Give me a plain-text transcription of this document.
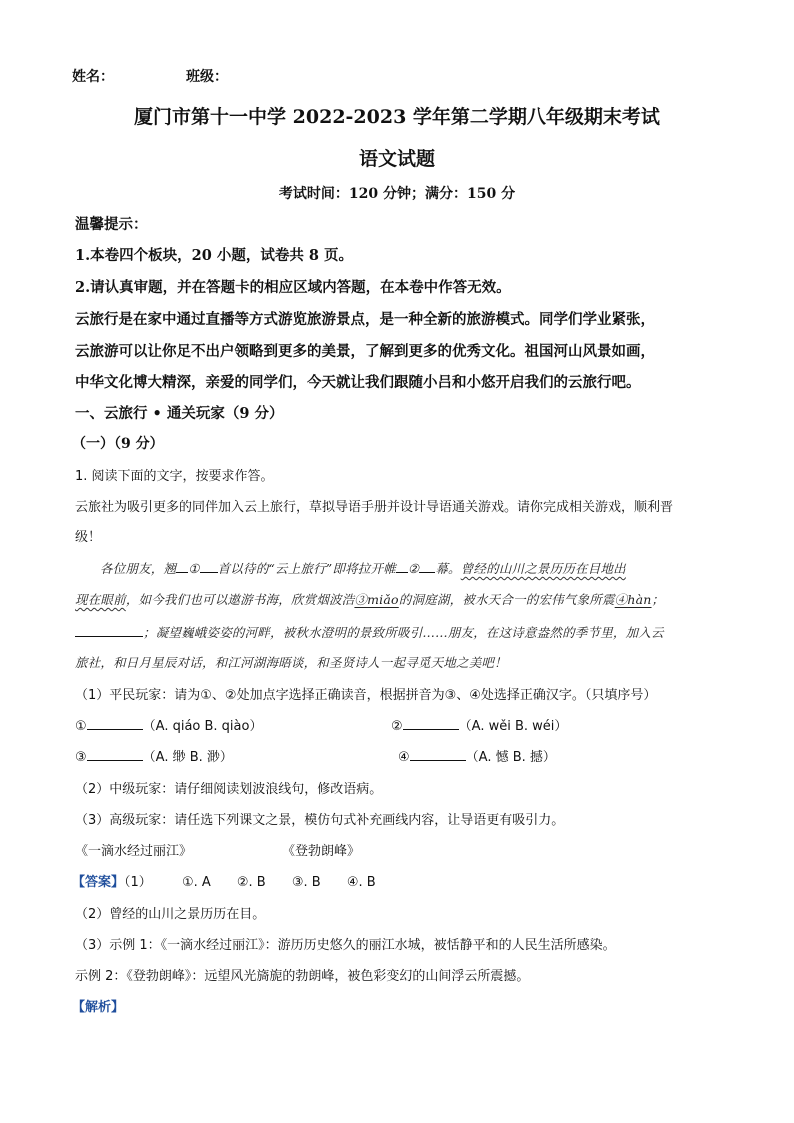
姓名：	班级：
厦门市第十一中学 2022-2023 学年第二学期八年级期末考试
语文试题
考试时间：120 分钟；满分：150 分
温馨提示：
1.本卷四个板块，20 小题，试卷共 8 页。
2.请认真审题，并在答题卡的相应区域内答题，在本卷中作答无效。
云旅行是在家中通过直播等方式游览旅游景点，是一种全新的旅游模式。同学们学业紧张，
云旅游可以让你足不出户领略到更多的美景，了解到更多的优秀文化。祖国河山风景如画，
中华文化博大精深，亲爱的同学们，今天就让我们跟随小吕和小悠开启我们的云旅行吧。
一、云旅行 • 通关玩家（9 分）
（一）（9 分）
1. 阅读下面的文字，按要求作答。
云旅社为吸引更多的同伴加入云上旅行，草拟导语手册并设计导语通关游戏。请你完成相关游戏，顺利晋
级！
各位朋友，翘 ① 首以待的“云上旅行”即将拉开帷 ② 幕。曾经的山川之景历历在目地出
现在眼前，如今我们也可以遨游书海，欣赏烟波浩③miǎo的洞庭湖，被水天合一的宏伟气象所震④hàn；
；凝望巍峨姿姿的河畔，被秋水澄明的景致所吸引……朋友，在这诗意盎然的季节里，加入云
旅社，和日月星辰对话，和江河湖海晤谈，和圣贤诗人一起寻觅天地之美吧！
（1）平民玩家：请为①、②处加点字选择正确读音，根据拼音为③、④处选择正确汉字。（只填序号）
①	（A. qiáo B. qiào）	②	（A. wěi B. wéi）
③	（A. 缈 B. 渺）	④	（A. 憾 B. 撼）
（2）中级玩家：请仔细阅读划波浪线句，修改语病。
（3）高级玩家：请任选下列课文之景，模仿句式补充画线内容，让导语更有吸引力。
《一滴水经过丽江》	《登勃朗峰》
【答案】（1） ①. A ②. B ③. B ④. B
（2）曾经的山川之景历历在目。
（3）示例 1：《一滴水经过丽江》：游历历史悠久的丽江水城，被恬静平和的人民生活所感染。
示例 2：《登勃朗峰》：远望风光旖旎的勃朗峰，被色彩变幻的山间浮云所震撼。
【解析】
